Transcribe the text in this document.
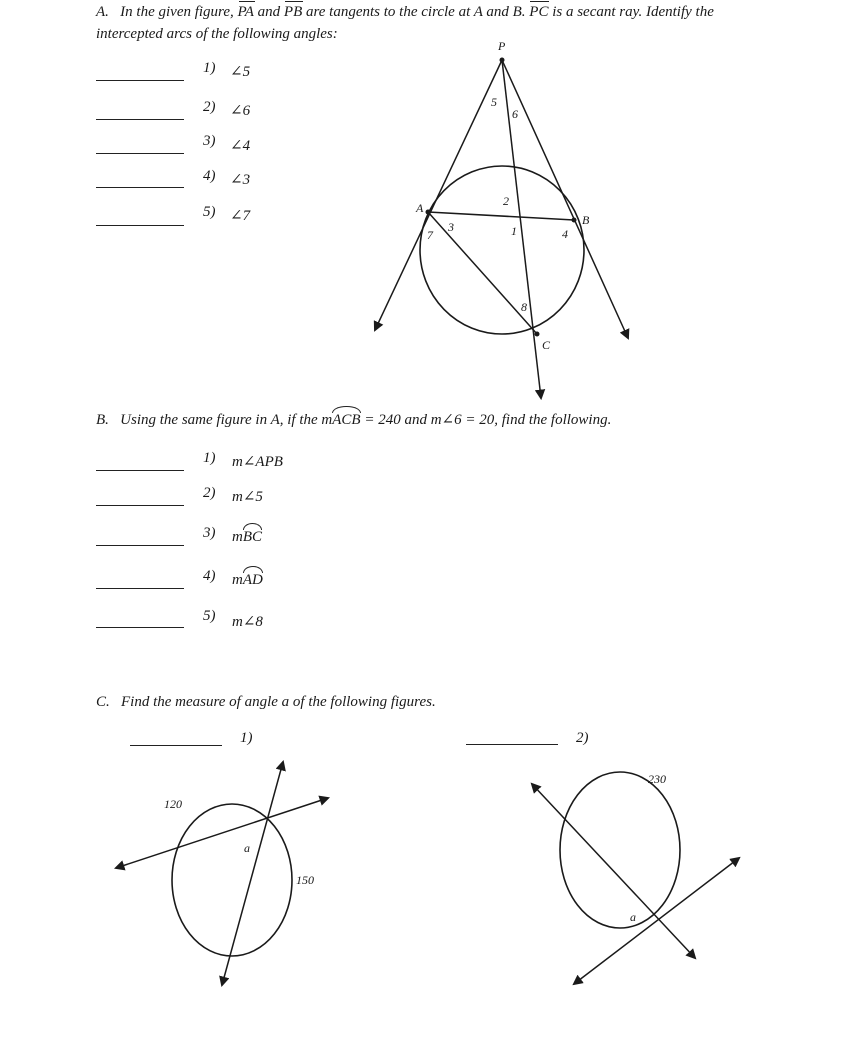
A. In the given figure, PA and PB are tangents to the circle at A and B. PC is a secant ray. Identify the
intercepted arcs of the following angles:
1) ∠5
2) ∠6
3) ∠4
4) ∠3
5) ∠7
P
A
B
C
5
6
2
1
3
7	4
8
B. Using the same figure in A, if the mACB = 240 and m∠6 = 20, find the following.
1) m∠APB
2) m∠5
3) mBC
4) mAD
5) m∠8
C. Find the measure of angle a of the following figures.
1)	2)
120
150
a
230
a
